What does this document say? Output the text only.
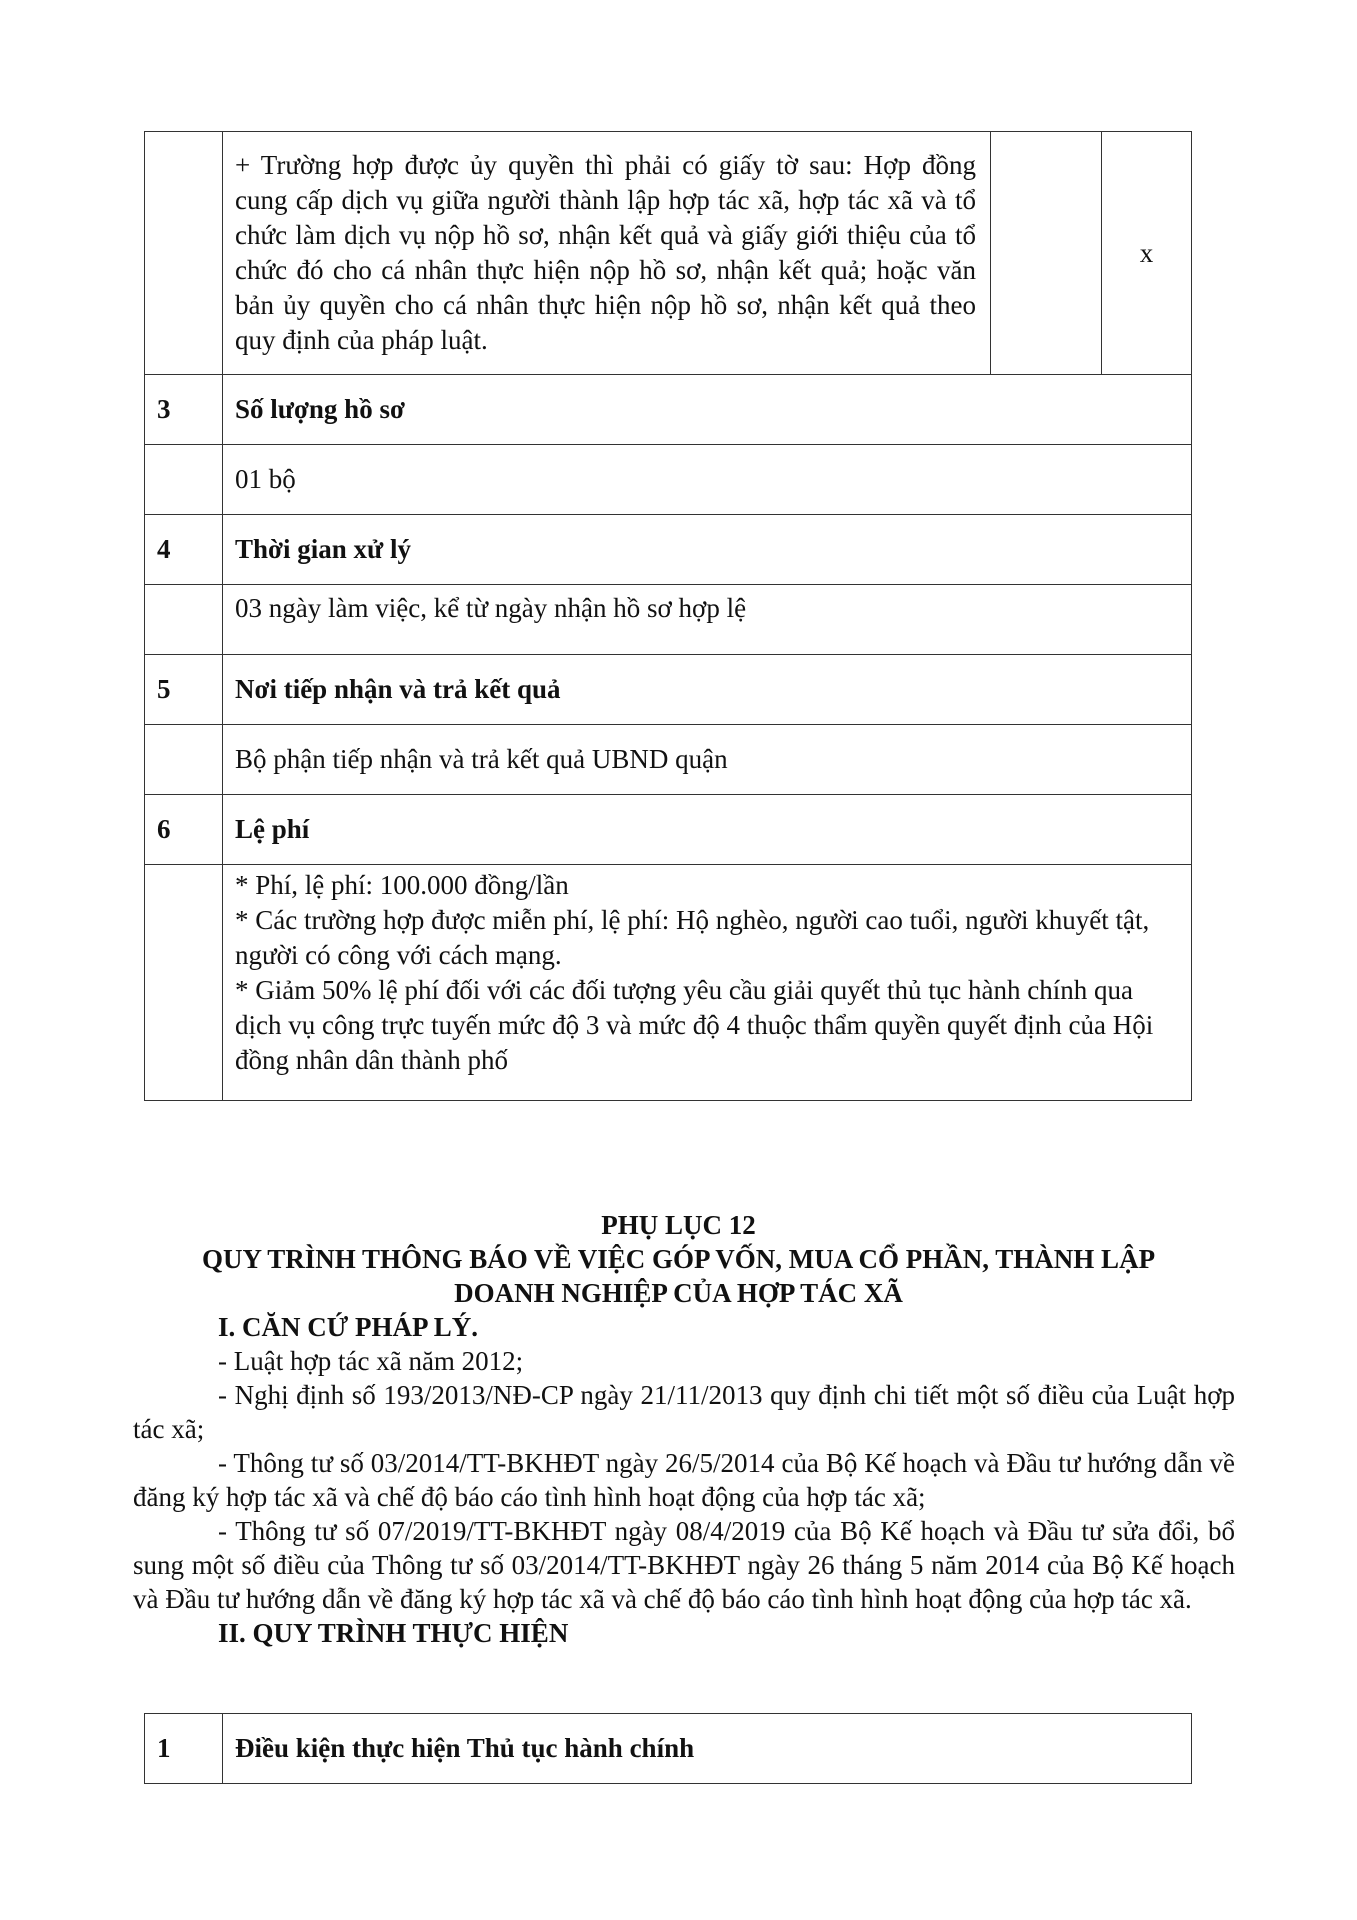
	+ Trường hợp được ủy quyền thì phải có giấy tờ sau: Hợp đồng cung cấp dịch vụ giữa người thành lập hợp tác xã, hợp tác xã và tổ chức làm dịch vụ nộp hồ sơ, nhận kết quả và giấy giới thiệu của tổ chức đó cho cá nhân thực hiện nộp hồ sơ, nhận kết quả; hoặc văn bản ủy quyền cho cá nhân thực hiện nộp hồ sơ, nhận kết quả theo quy định của pháp luật.		x
3	Số lượng hồ sơ		
	01 bộ		
4	Thời gian xử lý		
	03 ngày làm việc, kể từ ngày nhận hồ sơ hợp lệ		
5	Nơi tiếp nhận và trả kết quả		
	Bộ phận tiếp nhận và trả kết quả UBND quận		
6	Lệ phí		
	* Phí, lệ phí: 100.000 đồng/lần
* Các trường hợp được miễn phí, lệ phí: Hộ nghèo, người cao tuổi, người khuyết tật, người có công với cách mạng.
* Giảm 50% lệ phí đối với các đối tượng yêu cầu giải quyết thủ tục hành chính qua dịch vụ công trực tuyến mức độ 3 và mức độ 4 thuộc thẩm quyền quyết định của Hội đồng nhân dân thành phố		

PHỤ LỤC 12

QUY TRÌNH THÔNG BÁO VỀ VIỆC GÓP VỐN, MUA CỔ PHẦN, THÀNH LẬP

DOANH NGHIỆP CỦA HỢP TÁC XÃ

I. CĂN CỨ PHÁP LÝ.

- Luật hợp tác xã năm 2012;

- Nghị định số 193/2013/NĐ-CP ngày 21/11/2013 quy định chi tiết một số điều của Luật hợp tác xã;

- Thông tư số 03/2014/TT-BKHĐT ngày 26/5/2014 của Bộ Kế hoạch và Đầu tư hướng dẫn về đăng ký hợp tác xã và chế độ báo cáo tình hình hoạt động của hợp tác xã;

- Thông tư số 07/2019/TT-BKHĐT ngày 08/4/2019 của Bộ Kế hoạch và Đầu tư sửa đổi, bổ sung một số điều của Thông tư số 03/2014/TT-BKHĐT ngày 26 tháng 5 năm 2014 của Bộ Kế hoạch và Đầu tư hướng dẫn về đăng ký hợp tác xã và chế độ báo cáo tình hình hoạt động của hợp tác xã.

II. QUY TRÌNH THỰC HIỆN

1	Điều kiện thực hiện Thủ tục hành chính
